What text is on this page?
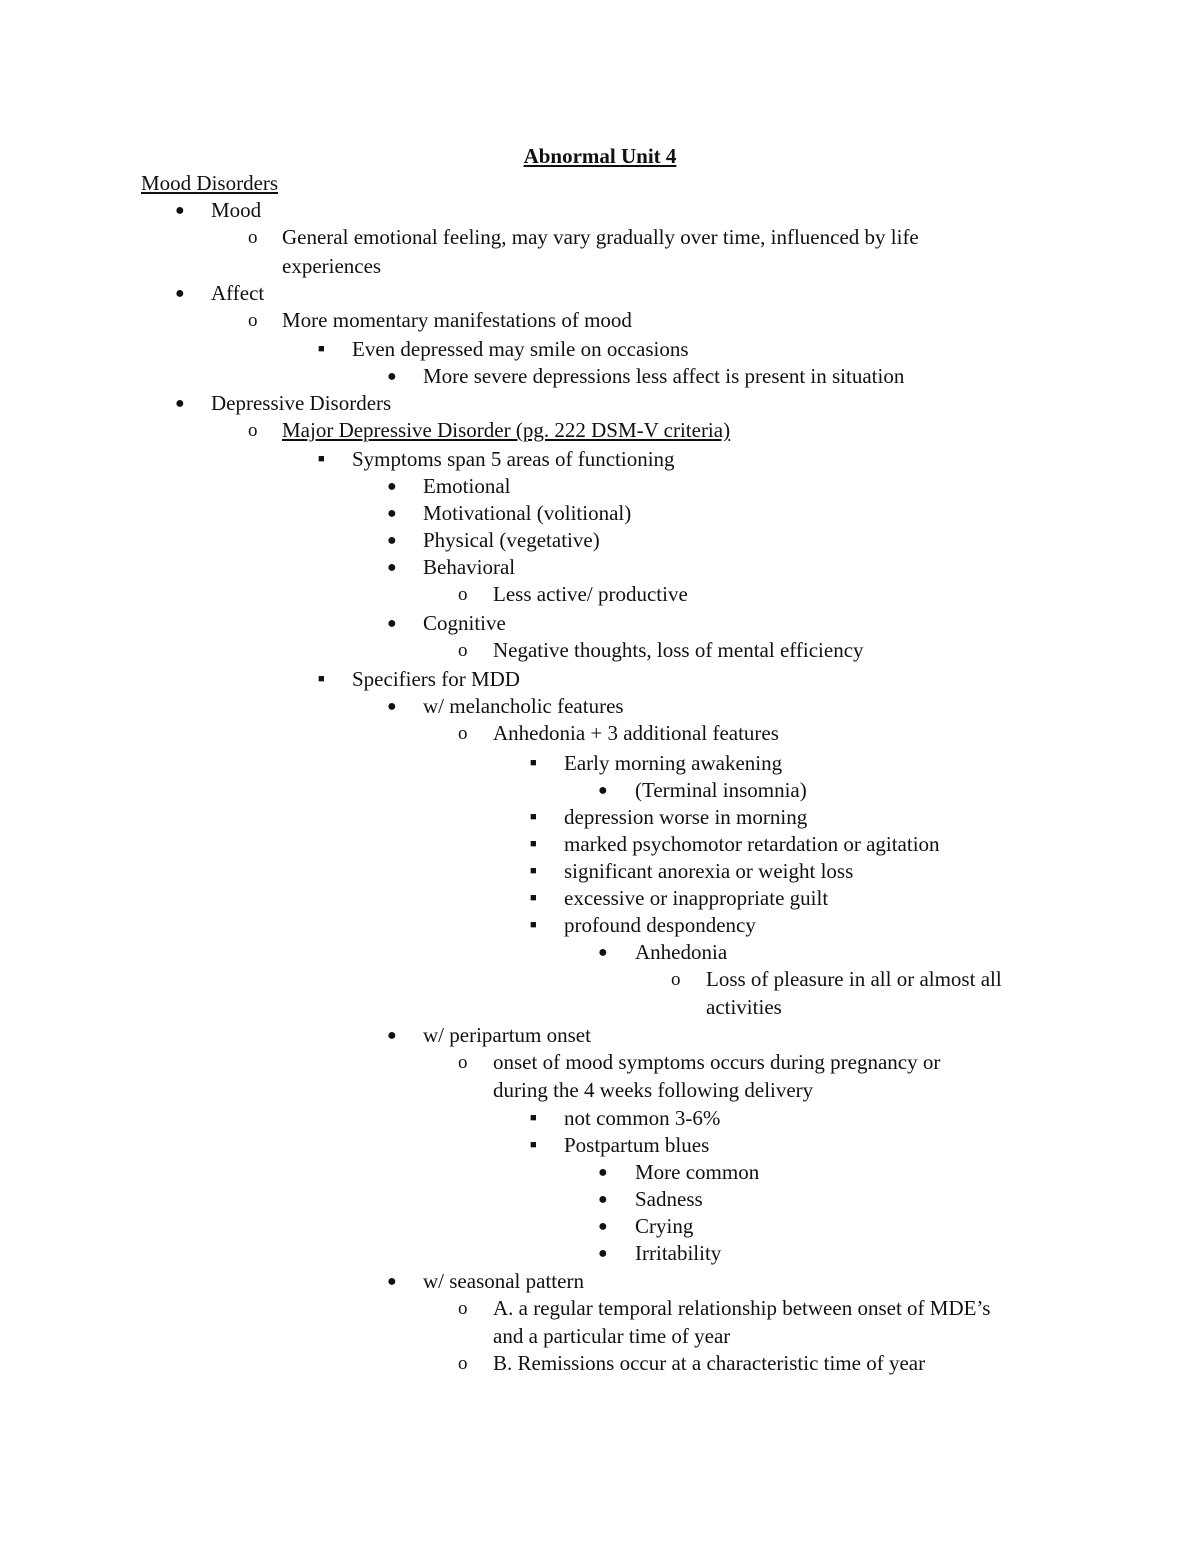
Abnormal Unit 4
Mood Disorders
● Mood
o General emotional feeling, may vary gradually over time, influenced by life
experiences
● Affect
o More momentary manifestations of mood
■ Even depressed may smile on occasions
● More severe depressions less affect is present in situation
● Depressive Disorders
o Major Depressive Disorder (pg. 222 DSM-V criteria)
■ Symptoms span 5 areas of functioning
● Emotional
● Motivational (volitional)
● Physical (vegetative)
● Behavioral
o Less active/ productive
● Cognitive
o Negative thoughts, loss of mental efficiency
■ Specifiers for MDD
● w/ melancholic features
o Anhedonia + 3 additional features
■ Early morning awakening
● (Terminal insomnia)
■ depression worse in morning
■ marked psychomotor retardation or agitation
■ significant anorexia or weight loss
■ excessive or inappropriate guilt
■ profound despondency
● Anhedonia
o Loss of pleasure in all or almost all
activities
● w/ peripartum onset
o onset of mood symptoms occurs during pregnancy or
during the 4 weeks following delivery
■ not common 3-6%
■ Postpartum blues
● More common
● Sadness
● Crying
● Irritability
● w/ seasonal pattern
o A. a regular temporal relationship between onset of MDE’s
and a particular time of year
o B. Remissions occur at a characteristic time of year
